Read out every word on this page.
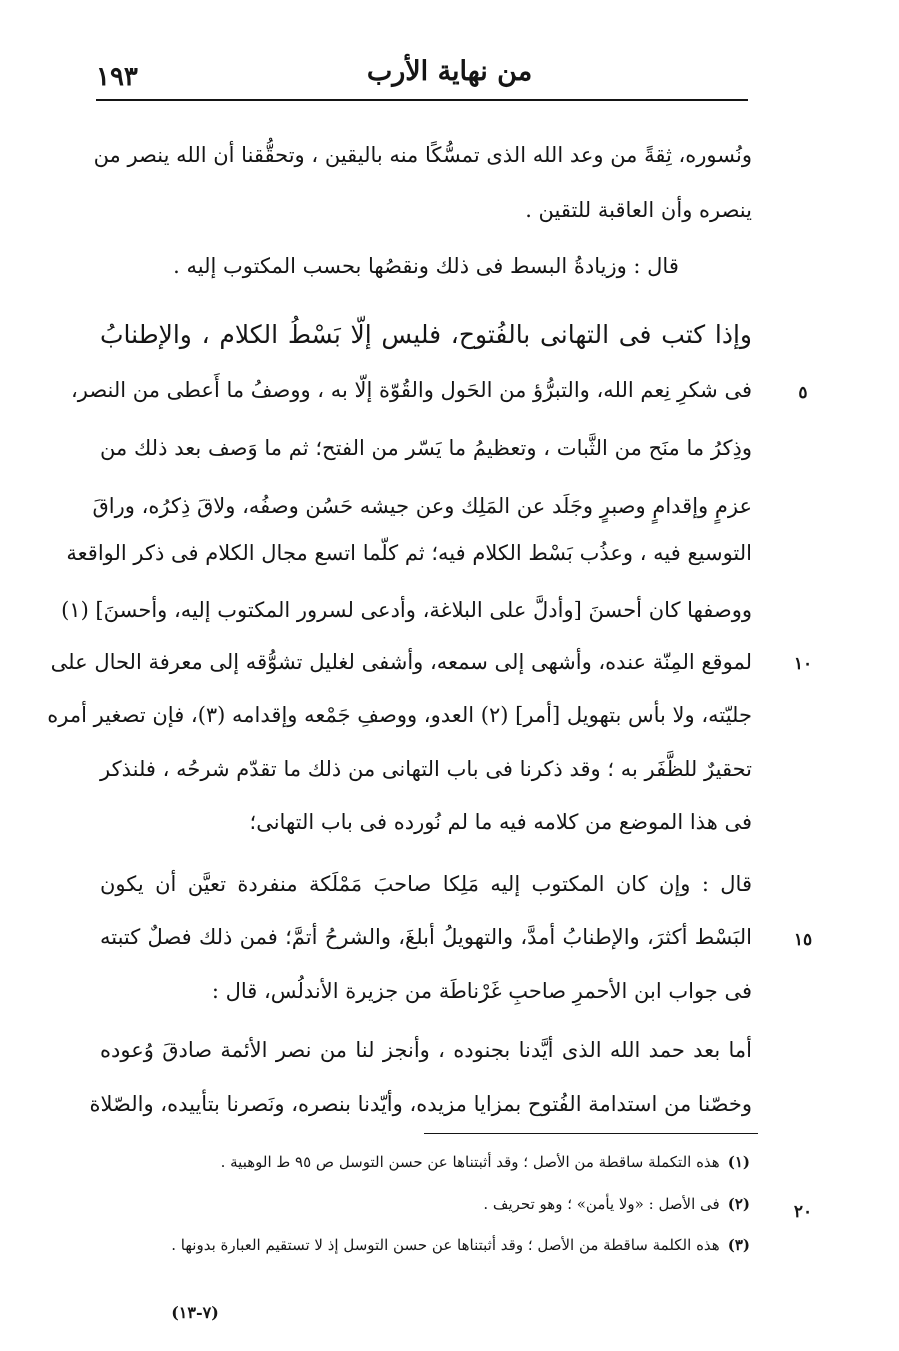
من نهاية الأرب
١٩٣
ونُسوره، ثِقةً من وعد الله الذى تمسُّكًا منه باليقين ، وتحقُّقنا أن الله ينصر من
ينصره وأن العاقبة للتقين .
قال : وزيادةُ البسط فى ذلك ونقصُها بحسب المكتوب إليه .
وإذا كتب فى التهانى بالفُتوح، فليس إلّا بَسْطُ الكلام ، والإطنابُ
فى شكرِ نِعم الله، والتبرُّؤ من الحَول والقُوّة إلّا به ، ووصفُ ما أَعطى من النصر،
وذِكرُ ما منَح من الثَّبات ، وتعظيمُ ما يَسّر من الفتح؛ ثم ما وَصف بعد ذلك من
عزمٍ وإقدامٍ وصبرٍ وجَلَد عن المَلِك وعن جيشه حَسُن وصفُه، ولاقَ ذِكرُه، وراقَ
التوسيع فيه ، وعذُب بَسْط الكلام فيه؛ ثم كلّما اتسع مجال الكلام فى ذكر الواقعة
ووصفها كان أحسنَ [وأدلَّ على البلاغة، وأدعى لسرور المكتوب إليه، وأحسنَ] (١)
لموقع المِنّة عنده، وأشهى إلى سمعه، وأشفى لغليل تشوُّقه إلى معرفة الحال على
جليّته، ولا بأس بتهويل [أمر] (٢) العدو، ووصفِ جَمْعه وإقدامه (٣)، فإن تصغير أمره
تحقيرٌ للظَّفَر به ؛ وقد ذكرنا فى باب التهانى من ذلك ما تقدّم شرحُه ، فلنذكر
فى هذا الموضع من كلامه فيه ما لم نُورده فى باب التهانى؛
قال : وإن كان المكتوب إليه مَلِكا صاحبَ مَمْلَكة منفردة تعيَّن أن يكون
البَسْط أكثرَ، والإطنابُ أمدَّ، والتهويلُ أبلغَ، والشرحُ أتمَّ؛ فمن ذلك فصلٌ كتبته
فى جواب ابن الأحمرِ صاحبِ غَرْناطَة من جزيرة الأندلُس، قال :
أما بعد حمد الله الذى أيَّدنا بجنوده ، وأنجز لنا من نصر الأئمة صادقَ وُعوده
وخصّنا من استدامة الفُتوح بمزايا مزيده، وأيّدنا بنصره، ونَصرنا بتأييده، والصّلاة
٥
١٠
١٥
٢٠
(١)هذه التكملة ساقطة من الأصل ؛ وقد أثبتناها عن حسن التوسل ص ٩٥ ط الوهبية .
(٢)فى الأصل : «ولا يأمن» ؛ وهو تحريف .
(٣)هذه الكلمة ساقطة من الأصل ؛ وقد أثبتناها عن حسن التوسل إذ لا تستقيم العبارة بدونها .
(٧-١٣)
